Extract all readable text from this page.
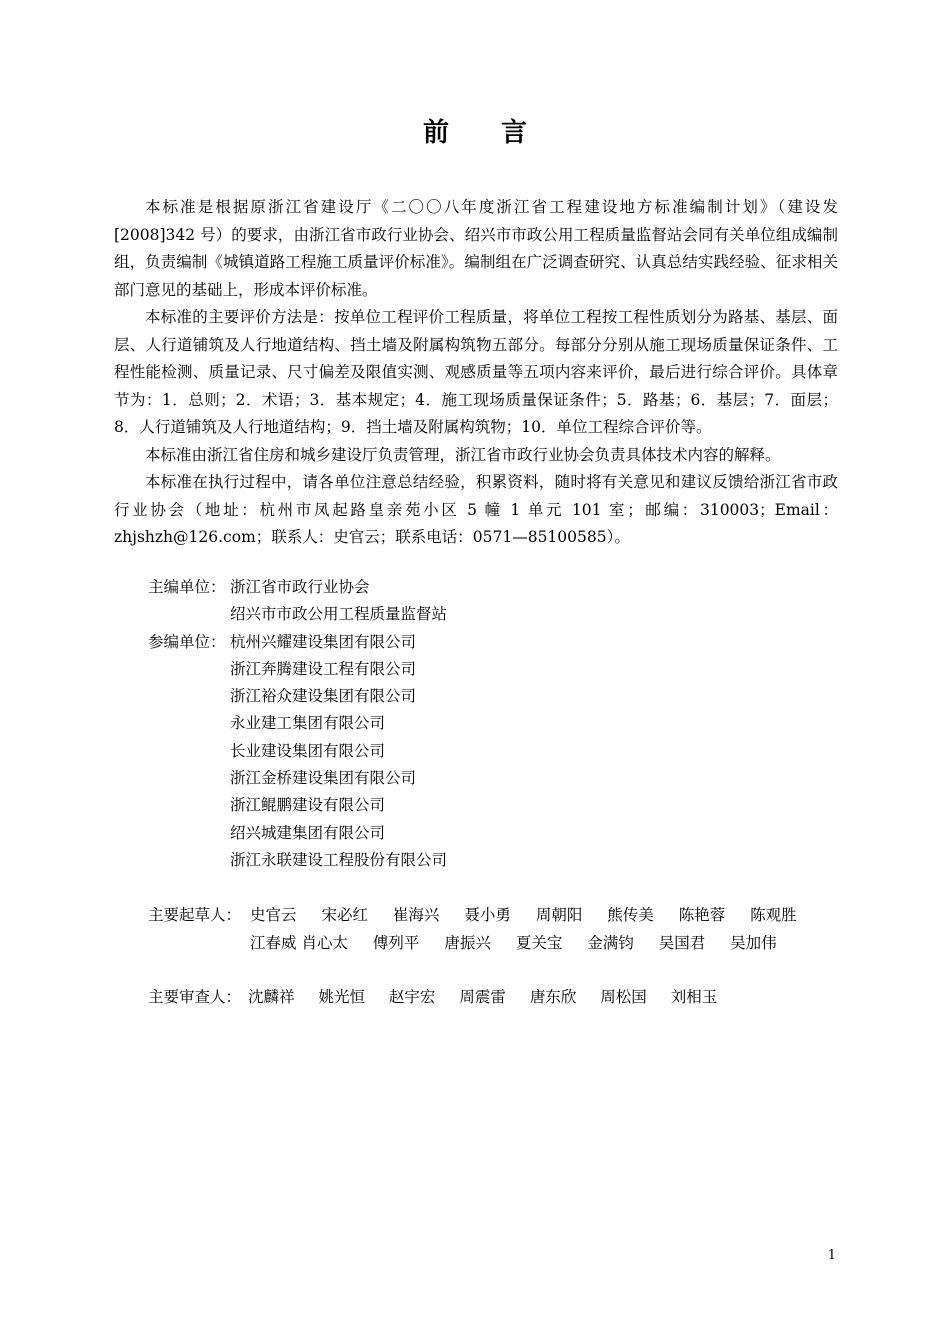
前 言

本标准是根据原浙江省建设厅《二〇〇八年度浙江省工程建设地方标准编制计划》（建设发[2008]342 号）的要求，由浙江省市政行业协会、绍兴市市政公用工程质量监督站会同有关单位组成编制组，负责编制《城镇道路工程施工质量评价标准》。编制组在广泛调查研究、认真总结实践经验、征求相关部门意见的基础上，形成本评价标准。

本标准的主要评价方法是：按单位工程评价工程质量，将单位工程按工程性质划分为路基、基层、面层、人行道铺筑及人行地道结构、挡土墙及附属构筑物五部分。每部分分别从施工现场质量保证条件、工程性能检测、质量记录、尺寸偏差及限值实测、观感质量等五项内容来评价，最后进行综合评价。具体章节为：1．总则；2．术语；3．基本规定；4．施工现场质量保证条件；5．路基；6．基层；7．面层；8．人行道铺筑及人行地道结构；9．挡土墙及附属构筑物；10．单位工程综合评价等。

本标准由浙江省住房和城乡建设厅负责管理，浙江省市政行业协会负责具体技术内容的解释。

本标准在执行过程中，请各单位注意总结经验，积累资料，随时将有关意见和建议反馈给浙江省市政行业协会（地址：杭州市凤起路皇亲苑小区 5 幢 1 单元 101 室；邮编：310003；Email：zhjshzh@126.com；联系人：史官云；联系电话：0571—85100585）。

主编单位： 浙江省市政行业协会
绍兴市市政公用工程质量监督站
参编单位： 杭州兴耀建设集团有限公司
浙江奔腾建设工程有限公司
浙江裕众建设集团有限公司
永业建工集团有限公司
长业建设集团有限公司
浙江金桥建设集团有限公司
浙江鲲鹏建设有限公司
绍兴城建集团有限公司
浙江永联建设工程股份有限公司
主要起草人： 史官云 宋必红 崔海兴 聂小勇 周朝阳 熊传美 陈艳蓉 陈观胜 江春威 肖心太 傅列平 唐振兴 夏关宝 金满钧 吴国君 吴加伟
主要审查人： 沈麟祥 姚光恒 赵宇宏 周震雷 唐东欣 周松国 刘相玉
1
